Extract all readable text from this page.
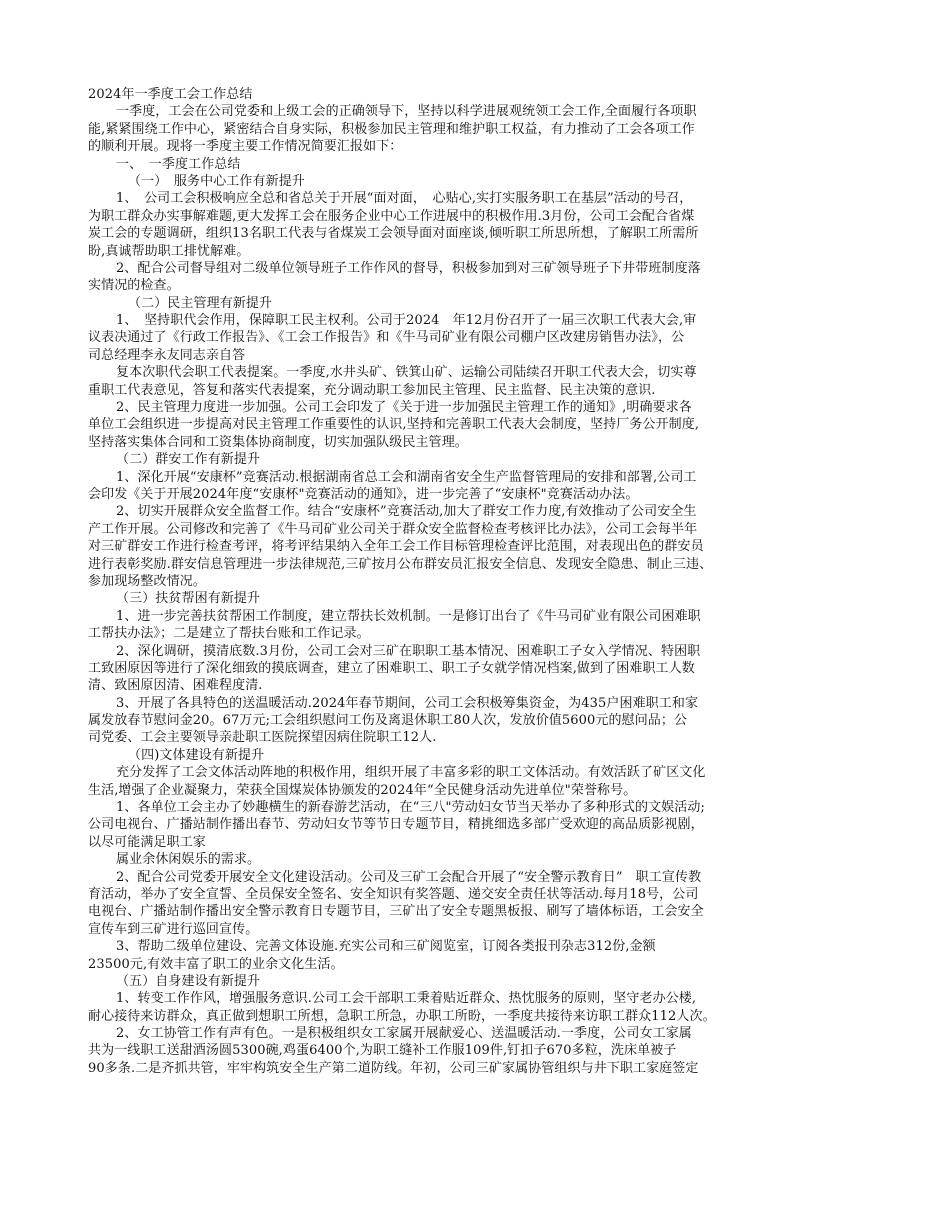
2024年一季度工会工作总结
一季度，工会在公司党委和上级工会的正确领导下，坚持以科学进展观统领工会工作,全面履行各项职
能,紧紧围绕工作中心，紧密结合自身实际，积极参加民主管理和维护职工权益，有力推动了工会各项工作
的顺利开展。现将一季度主要工作情况简要汇报如下：
一、　一季度工作总结
（一）　服务中心工作有新提升
1、　公司工会积极响应全总和省总关于开展“面对面，　心贴心,实打实服务职工在基层”活动的号召，
为职工群众办实事解难题,更大发挥工会在服务企业中心工作进展中的积极作用.3月份，公司工会配合省煤
炭工会的专题调研，组织13名职工代表与省煤炭工会领导面对面座谈,倾听职工所思所想，了解职工所需所
盼,真诚帮助职工排忧解难。
2、配合公司督导组对二级单位领导班子工作作风的督导，积极参加到对三矿领导班子下井带班制度落
实情况的检查。
（二）民主管理有新提升
1、　坚持职代会作用，保障职工民主权利。公司于2024　年12月份召开了一届三次职工代表大会,审
议表决通过了《行政工作报告》、《工会工作报告》和《牛马司矿业有限公司棚户区改建房销售办法》，公
司总经理李永友同志亲自答
复本次职代会职工代表提案。一季度,水井头矿、铁箕山矿、运输公司陆续召开职工代表大会，切实尊
重职工代表意见，答复和落实代表提案，充分调动职工参加民主管理、民主监督、民主决策的意识.
2、民主管理力度进一步加强。公司工会印发了《关于进一步加强民主管理工作的通知》,明确要求各
单位工会组织进一步提高对民主管理工作重要性的认识,坚持和完善职工代表大会制度，坚持厂务公开制度,
坚持落实集体合同和工资集体协商制度，切实加强队级民主管理。
（二）群安工作有新提升
1、深化开展“安康杯”竞赛活动.根据湖南省总工会和湖南省安全生产监督管理局的安排和部署,公司工
会印发《关于开展2024年度“安康杯"竞赛活动的通知》，进一步完善了“安康杯"竞赛活动办法。
2、切实开展群众安全监督工作。结合“安康杯”竞赛活动,加大了群安工作力度,有效推动了公司安全生
产工作开展。公司修改和完善了《牛马司矿业公司关于群众安全监督检查考核评比办法》，公司工会每半年
对三矿群安工作进行检查考评，将考评结果纳入全年工会工作目标管理检查评比范围，对表现出色的群安员
进行表彰奖励.群安信息管理进一步法律规范,三矿按月公布群安员汇报安全信息、发现安全隐患、制止三违、
参加现场整改情况。
（三）扶贫帮困有新提升
1、进一步完善扶贫帮困工作制度，建立帮扶长效机制。一是修订出台了《牛马司矿业有限公司困难职
工帮扶办法》；二是建立了帮扶台账和工作记录。
2、深化调研，摸清底数.3月份，公司工会对三矿在职职工基本情况、困难职工子女入学情况、特困职
工致困原因等进行了深化细致的摸底调查，建立了困难职工、职工子女就学情况档案,做到了困难职工人数
清、致困原因清、困难程度清.
3、开展了各具特色的送温暖活动.2024年春节期间，公司工会积极筹集资金，为435户困难职工和家
属发放春节慰问金20。67万元;工会组织慰问工伤及离退休职工80人次，发放价值5600元的慰问品；公
司党委、工会主要领导亲赴职工医院探望因病住院职工12人.
（四)文体建设有新提升
充分发挥了工会文体活动阵地的积极作用，组织开展了丰富多彩的职工文体活动。有效活跃了矿区文化
生活,增强了企业凝聚力，荣获全国煤炭体协颁发的2024年“全民健身活动先进单位"荣誉称号。
1、各单位工会主办了妙趣横生的新春游艺活动，在“三八"劳动妇女节当天举办了多种形式的文娱活动;
公司电视台、广播站制作播出春节、劳动妇女节等节日专题节目，精挑细选多部广受欢迎的高品质影视剧，
以尽可能满足职工家
属业余休闲娱乐的需求。
2、配合公司党委开展安全文化建设活动。公司及三矿工会配合开展了“安全警示教育日”　职工宣传教
育活动，举办了安全宣誓、全员保安全签名、安全知识有奖答题、递交安全责任状等活动.每月18号，公司
电视台、广播站制作播出安全警示教育日专题节目，三矿出了安全专题黑板报、刷写了墙体标语，工会安全
宣传车到三矿进行巡回宣传。
3、帮助二级单位建设、完善文体设施.充实公司和三矿阅览室，订阅各类报刊杂志312份,金额
23500元,有效丰富了职工的业余文化生活。
（五）自身建设有新提升
1、转变工作作风，增强服务意识.公司工会干部职工秉着贴近群众、热忱服务的原则，坚守老办公楼,
耐心接待来访群众，真正做到想职工所想，急职工所急，办职工所盼，一季度共接待来访职工群众112人次。
2、女工协管工作有声有色。一是积极组织女工家属开展献爱心、送温暖活动.一季度，公司女工家属
共为一线职工送甜酒汤圆5300碗,鸡蛋6400个,为职工缝补工作服109件,钉扣子670多粒，洗床单被子
90多条.二是齐抓共管，牢牢构筑安全生产第二道防线。年初，公司三矿家属协管组织与井下职工家庭签定
